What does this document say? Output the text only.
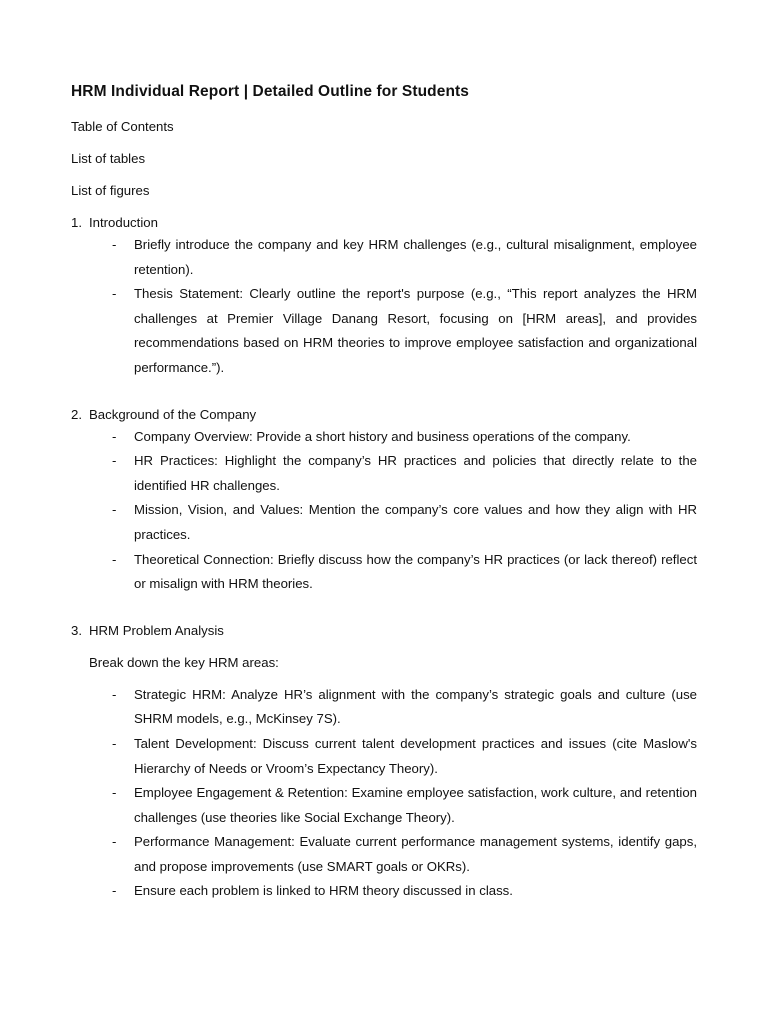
HRM Individual Report | Detailed Outline for Students

Table of Contents

List of tables

List of figures

1. Introduction
-	Briefly introduce the company and key HRM challenges (e.g., cultural misalignment, employee retention).
-	Thesis Statement: Clearly outline the report's purpose (e.g., “This report analyzes the HRM challenges at Premier Village Danang Resort, focusing on [HRM areas], and provides recommendations based on HRM theories to improve employee satisfaction and organizational performance.”).
2. Background of the Company
-	Company Overview: Provide a short history and business operations of the company.
-	HR Practices: Highlight the company’s HR practices and policies that directly relate to the identified HR challenges.
-	Mission, Vision, and Values: Mention the company’s core values and how they align with HR practices.
-	Theoretical Connection: Briefly discuss how the company’s HR practices (or lack thereof) reflect or misalign with HRM theories.
3. HRM Problem Analysis

Break down the key HRM areas:

-	Strategic HRM: Analyze HR’s alignment with the company’s strategic goals and culture (use SHRM models, e.g., McKinsey 7S).
-	Talent Development: Discuss current talent development practices and issues (cite Maslow's Hierarchy of Needs or Vroom’s Expectancy Theory).
-	Employee Engagement & Retention: Examine employee satisfaction, work culture, and retention challenges (use theories like Social Exchange Theory).
-	Performance Management: Evaluate current performance management systems, identify gaps, and propose improvements (use SMART goals or OKRs).
-	Ensure each problem is linked to HRM theory discussed in class.
